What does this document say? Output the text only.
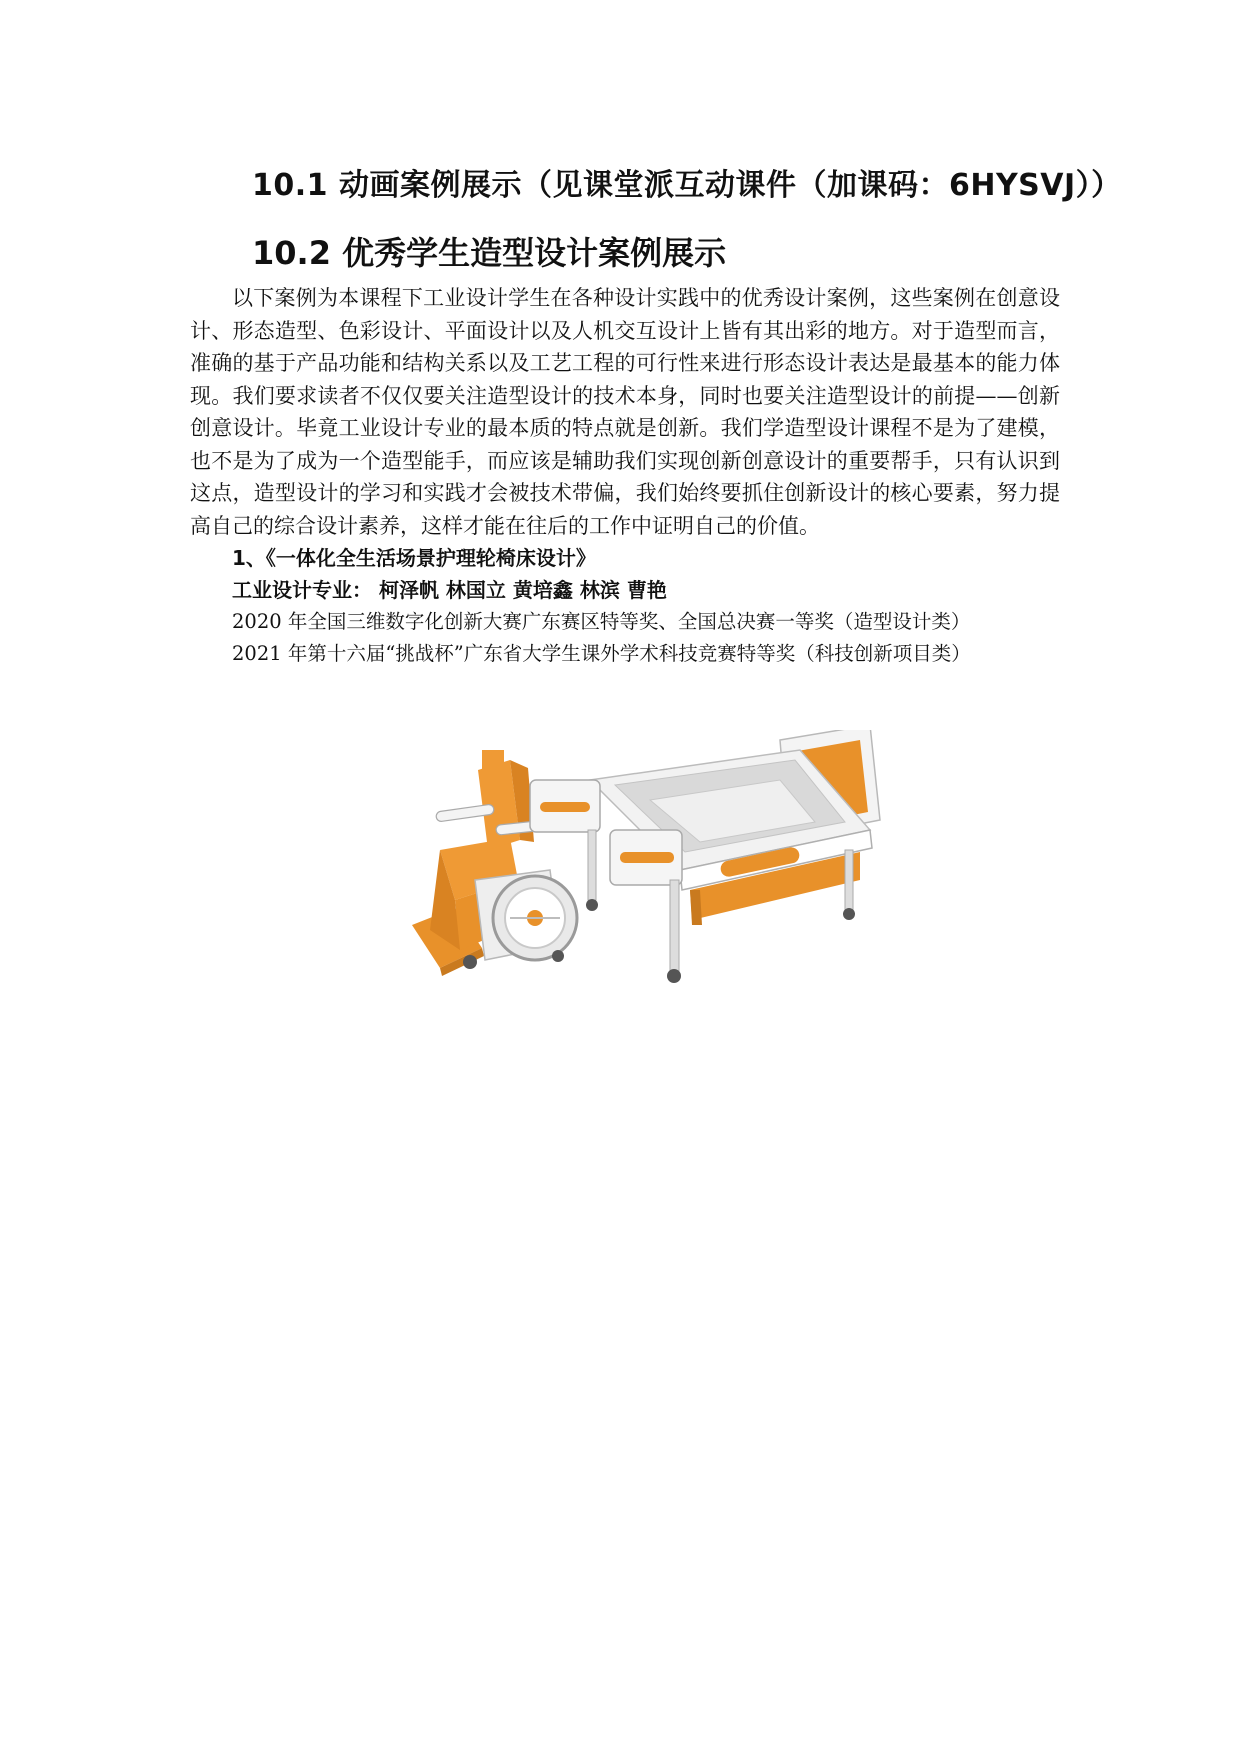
10.1 动画案例展示（见课堂派互动课件（加课码：6HYSVJ））
10.2 优秀学生造型设计案例展示

以下案例为本课程下工业设计学生在各种设计实践中的优秀设计案例，这些案例在创意设计、形态造型、色彩设计、平面设计以及人机交互设计上皆有其出彩的地方。对于造型而言，准确的基于产品功能和结构关系以及工艺工程的可行性来进行形态设计表达是最基本的能力体现。我们要求读者不仅仅要关注造型设计的技术本身，同时也要关注造型设计的前提——创新创意设计。毕竟工业设计专业的最本质的特点就是创新。我们学造型设计课程不是为了建模，也不是为了成为一个造型能手，而应该是辅助我们实现创新创意设计的重要帮手，只有认识到这点，造型设计的学习和实践才会被技术带偏，我们始终要抓住创新设计的核心要素，努力提高自己的综合设计素养，这样才能在往后的工作中证明自己的价值。

1、《一体化全生活场景护理轮椅床设计》
工业设计专业： 柯泽帆 林国立 黄培鑫 林滨 曹艳
2020 年全国三维数字化创新大赛广东赛区特等奖、全国总决赛一等奖（造型设计类）
2021 年第十六届“挑战杯”广东省大学生课外学术科技竞赛特等奖（科技创新项目类）
